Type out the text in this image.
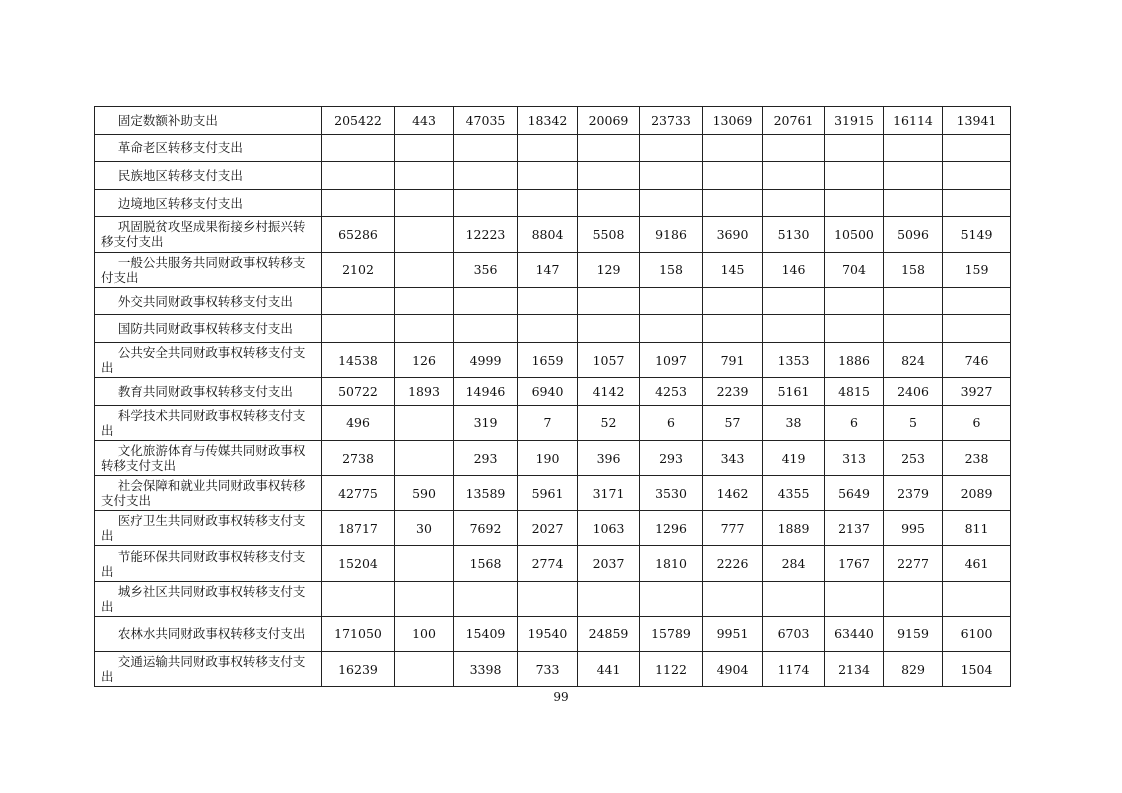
固定数额补助支出	205422	443	47035	18342	20069	23733	13069	20761	31915	16114	13941

革命老区转移支付支出											

民族地区转移支付支出											

边境地区转移支付支出											

巩固脱贫攻坚成果衔接乡村振兴转移支付支出	65286		12223	8804	5508	9186	3690	5130	10500	5096	5149

一般公共服务共同财政事权转移支付支出	2102		356	147	129	158	145	146	704	158	159

外交共同财政事权转移支付支出											

国防共同财政事权转移支付支出											

公共安全共同财政事权转移支付支出	14538	126	4999	1659	1057	1097	791	1353	1886	824	746

教育共同财政事权转移支付支出	50722	1893	14946	6940	4142	4253	2239	5161	4815	2406	3927

科学技术共同财政事权转移支付支出	496		319	7	52	6	57	38	6	5	6

文化旅游体育与传媒共同财政事权转移支付支出	2738		293	190	396	293	343	419	313	253	238

社会保障和就业共同财政事权转移支付支出	42775	590	13589	5961	3171	3530	1462	4355	5649	2379	2089

医疗卫生共同财政事权转移支付支出	18717	30	7692	2027	1063	1296	777	1889	2137	995	811

节能环保共同财政事权转移支付支出	15204		1568	2774	2037	1810	2226	284	1767	2277	461

城乡社区共同财政事权转移支付支出											

农林水共同财政事权转移支付支出	171050	100	15409	19540	24859	15789	9951	6703	63440	9159	6100

交通运输共同财政事权转移支付支出	16239		3398	733	441	1122	4904	1174	2134	829	1504
99
